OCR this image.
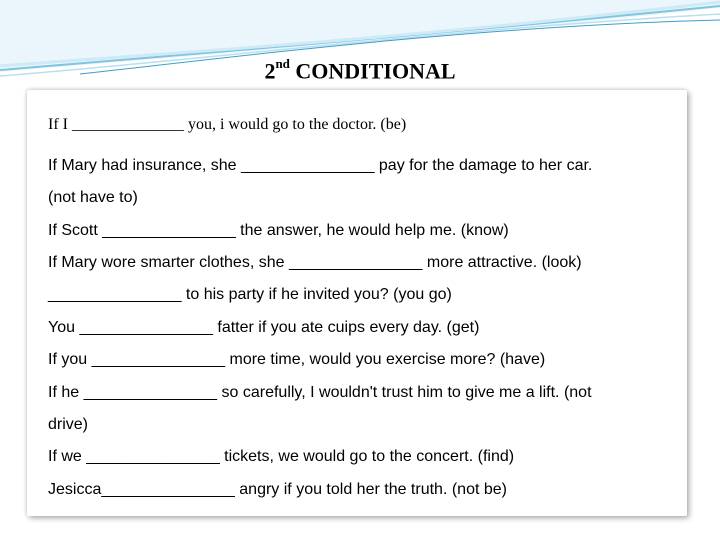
2nd CONDITIONAL
If I ______________ you, i would go to the doctor. (be)
If Mary had insurance, she _______________ pay for the damage to her car.
(not have to)
If Scott _______________ the answer, he would help me. (know)
If Mary wore smarter clothes, she _______________ more attractive. (look)
_______________ to his party if he invited you? (you go)
You _______________ fatter if you ate cuips every day. (get)
If you _______________ more time, would you exercise more? (have)
If he _______________ so carefully, I wouldn't trust him to give me a lift. (not
drive)
If we _______________ tickets, we would go to the concert. (find)
Jesicca_______________ angry if you told her the truth. (not be)
